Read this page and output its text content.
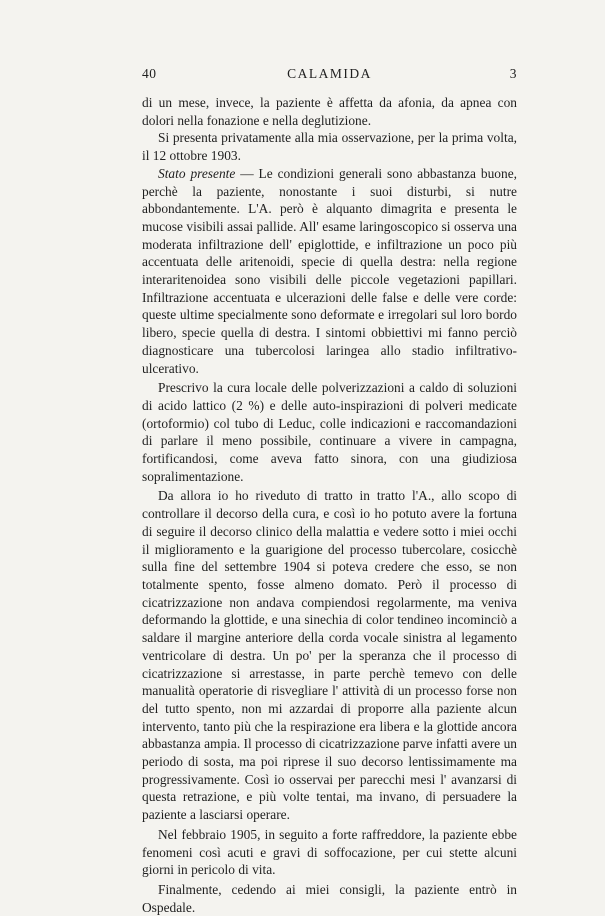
40	CALAMIDA	3

di un mese, invece, la paziente è affetta da afonia, da apnea con dolori nella fonazione e nella deglutizione.

Si presenta privatamente alla mia osservazione, per la prima volta, il 12 ottobre 1903.

Stato presente — Le condizioni generali sono abbastanza buone, perchè la paziente, nonostante i suoi disturbi, si nutre abbondantemente. L'A. però è alquanto dimagrita e presenta le mucose visibili assai pallide. All' esame laringoscopico si osserva una moderata infiltrazione dell' epiglottide, e infiltrazione un poco più accentuata delle aritenoidi, specie di quella destra: nella regione interaritenoidea sono visibili delle piccole vegetazioni papillari. Infiltrazione accentuata e ulcerazioni delle false e delle vere corde: queste ultime specialmente sono deformate e irregolari sul loro bordo libero, specie quella di destra. I sintomi obbiettivi mi fanno perciò diagnosticare una tubercolosi laringea allo stadio infiltrativo-ulcerativo.

Prescrivo la cura locale delle polverizzazioni a caldo di soluzioni di acido lattico (2 %) e delle auto-inspirazioni di polveri medicate (ortoformio) col tubo di Leduc, colle indicazioni e raccomandazioni di parlare il meno possibile, continuare a vivere in campagna, fortificandosi, come aveva fatto sinora, con una giudiziosa sopralimentazione.

Da allora io ho riveduto di tratto in tratto l'A., allo scopo di controllare il decorso della cura, e così io ho potuto avere la fortuna di seguire il decorso clinico della malattia e vedere sotto i miei occhi il miglioramento e la guarigione del processo tubercolare, cosicchè sulla fine del settembre 1904 si poteva credere che esso, se non totalmente spento, fosse almeno domato. Però il processo di cicatrizzazione non andava compiendosi regolarmente, ma veniva deformando la glottide, e una sinechia di color tendineo incominciò a saldare il margine anteriore della corda vocale sinistra al legamento ventricolare di destra. Un po' per la speranza che il processo di cicatrizzazione si arrestasse, in parte perchè temevo con delle manualità operatorie di risvegliare l' attività di un processo forse non del tutto spento, non mi azzardai di proporre alla paziente alcun intervento, tanto più che la respirazione era libera e la glottide ancora abbastanza ampia. Il processo di cicatrizzazione parve infatti avere un periodo di sosta, ma poi riprese il suo decorso lentissimamente ma progressivamente. Così io osservai per parecchi mesi l' avanzarsi di questa retrazione, e più volte tentai, ma invano, di persuadere la paziente a lasciarsi operare.

Nel febbraio 1905, in seguito a forte raffreddore, la paziente ebbe fenomeni così acuti e gravi di soffocazione, per cui stette alcuni giorni in pericolo di vita.

Finalmente, cedendo ai miei consigli, la paziente entrò in Ospedale.
